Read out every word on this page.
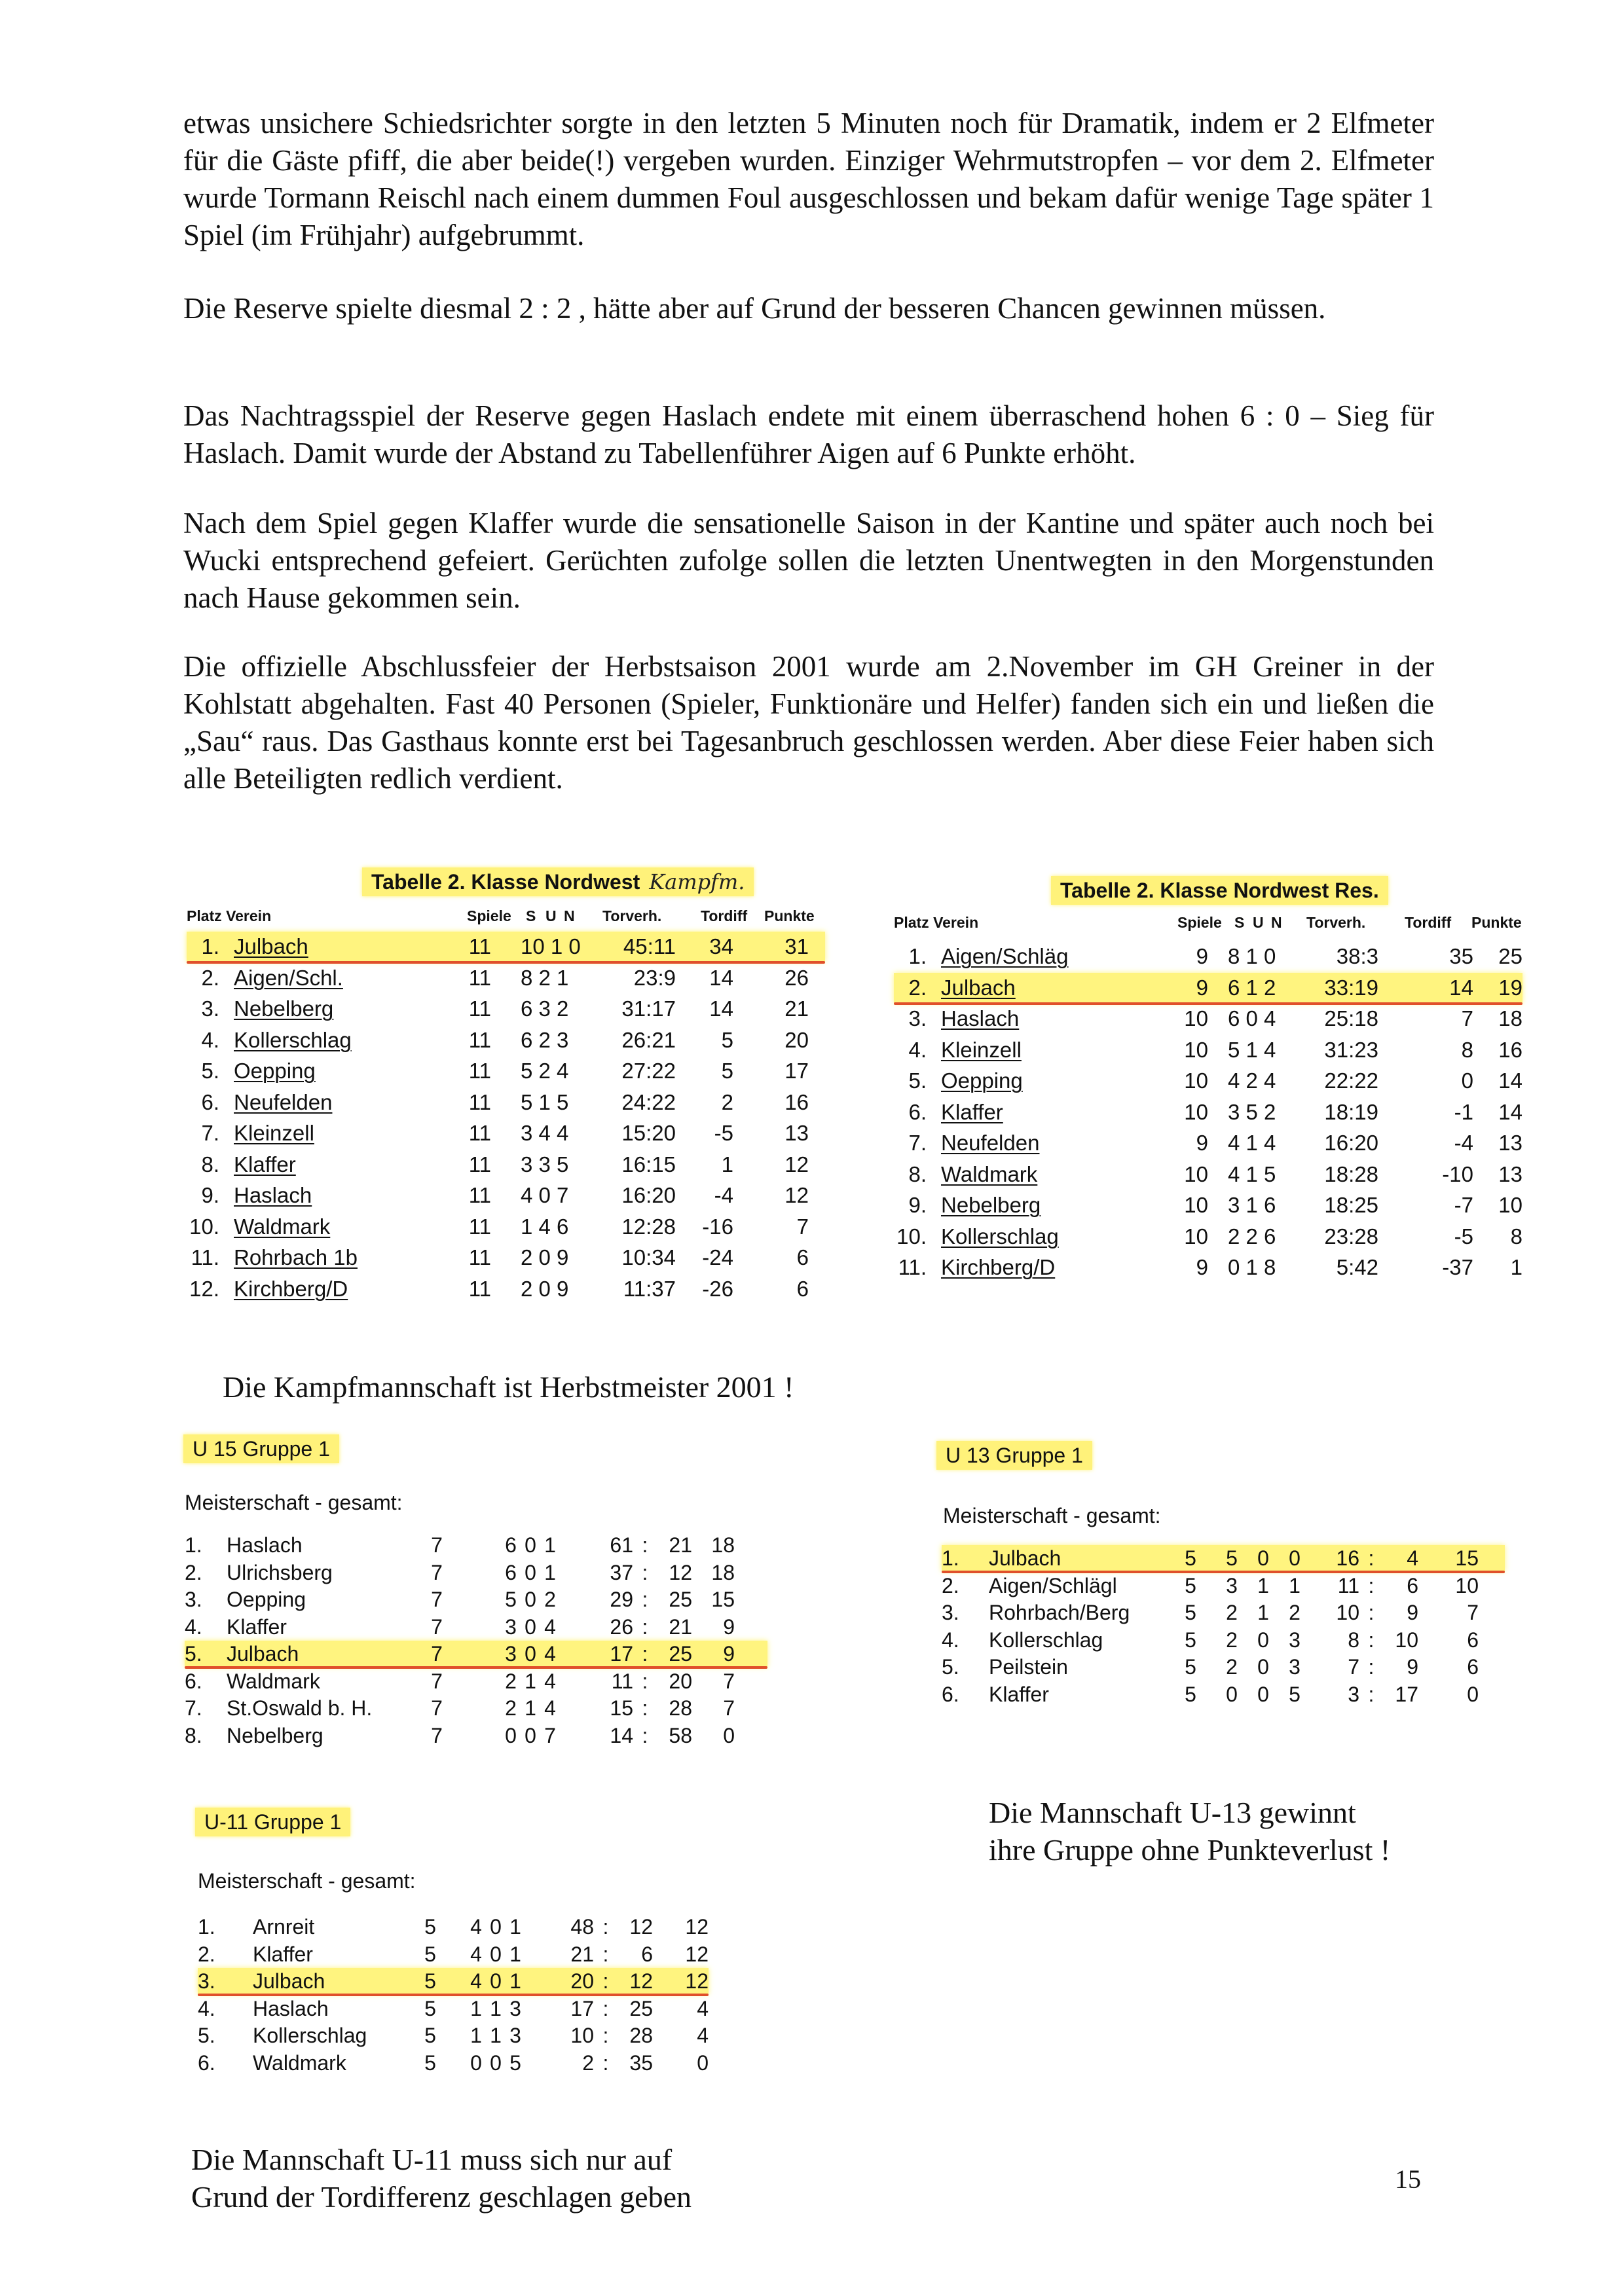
etwas unsichere Schiedsrichter sorgte in den letzten 5 Minuten noch für Dramatik, indem er 2 Elfmeter für die Gäste pfiff, die aber beide(!) vergeben wurden. Einziger Wehrmutstropfen – vor dem 2. Elfmeter wurde Tormann Reischl nach einem dummen Foul ausgeschlossen und bekam dafür wenige Tage später 1 Spiel (im Frühjahr) aufgebrummt.

Die Reserve spielte diesmal 2 : 2 , hätte aber auf Grund der besseren Chancen gewinnen müssen.

Das Nachtragsspiel der Reserve gegen Haslach endete mit einem überraschend hohen 6 : 0 – Sieg für Haslach. Damit wurde der Abstand zu Tabellenführer Aigen auf 6 Punkte erhöht.

Nach dem Spiel gegen Klaffer wurde die sensationelle Saison in der Kantine und später auch noch bei Wucki entsprechend gefeiert. Gerüchten zufolge sollen die letzten Unentwegten in den Morgenstunden nach Hause gekommen sein.

Die offizielle Abschlussfeier der Herbstsaison 2001 wurde am 2.November im GH Greiner in der Kohlstatt abgehalten. Fast 40 Personen (Spieler, Funktionäre und Helfer) fanden sich ein und ließen die „Sau“ raus. Das Gasthaus konnte erst bei Tagesanbruch geschlossen werden. Aber diese Feier haben sich alle Beteiligten redlich verdient.

Tabelle 2. Klasse Nordwest Kampfm.
Platz Verein	Spiele S U N Torverh.	Tordiff Punkte
1. Julbach	11 10 1 0	45:11	34	31
2. Aigen/Schl.	11 8 2 1	23:9	14	26
3. Nebelberg	11 6 3 2	31:17	14	21
4. Kollerschlag	11 6 2 3	26:21	5	20
5. Oepping	11 5 2 4	27:22	5	17
6. Neufelden	11 5 1 5	24:22	2	16
7. Kleinzell	11 3 4 4	15:20	-5	13
8. Klaffer	11 3 3 5	16:15	1	12
9. Haslach	11 4 0 7	16:20	-4	12
10. Waldmark	11 1 4 6	12:28	-16	7
11. Rohrbach 1b	11 2 0 9	10:34	-24	6
12. Kirchberg/D	11 2 0 9	11:37	-26	6
Tabelle 2. Klasse Nordwest Res.
Platz Verein	Spiele S U N Torverh.	Tordiff Punkte
1. Aigen/Schläg	9 8 1 0	38:3	35	25
2. Julbach	9 6 1 2	33:19	14	19
3. Haslach	10 6 0 4	25:18	7	18
4. Kleinzell	10 5 1 4	31:23	8	16
5. Oepping	10 4 2 4	22:22	0	14
6. Klaffer	10 3 5 2	18:19	-1	14
7. Neufelden	9 4 1 4	16:20	-4	13
8. Waldmark	10 4 1 5	18:28	-10	13
9. Nebelberg	10 3 1 6	18:25	-7	10
10. Kollerschlag	10 2 2 6	23:28	-5	8
11. Kirchberg/D	9 0 1 8	5:42	-37	1
Die Kampfmannschaft ist Herbstmeister 2001 !
U 15 Gruppe 1
Meisterschaft - gesamt:
1. Haslach	7	6 0 1	61 : 21 18
2. Ulrichsberg	7	6 0 1	37 : 12 18
3. Oepping	7	5 0 2	29 : 25 15
4. Klaffer	7	3 0 4	26 : 21	9
5. Julbach	7	3 0 4	17 : 25	9
6. Waldmark	7	2 1 4	11 : 20	7
7. St.Oswald b. H.	7	2 1 4	15 : 28	7
8. Nebelberg	7	0 0 7	14 : 58	0
U 13 Gruppe 1
Meisterschaft - gesamt:
1. Julbach	5 5 0 0	16 :	4	15
2. Aigen/Schlägl	5 3 1 1	11 :	6	10
3. Rohrbach/Berg	5 2 1 2	10 :	9	7
4. Kollerschlag	5 2 0 3	8 : 10	6
5. Peilstein	5 2 0 3	7 :	9	6
6. Klaffer	5 0 0 5	3 : 17	0
Die Mannschaft U-13 gewinnt
ihre Gruppe ohne Punkteverlust !
U-11 Gruppe 1
Meisterschaft - gesamt:
1. Arnreit	5 4 0 1	48 : 12	12
2. Klaffer	5 4 0 1	21 :	6	12
3. Julbach	5 4 0 1	20 : 12	12
4. Haslach	5 1 1 3	17 : 25	4
5. Kollerschlag	5 1 1 3	10 : 28	4
6. Waldmark	5 0 0 5	2 : 35	0
Die Mannschaft U-11 muss sich nur auf
Grund der Tordifferenz geschlagen geben
15
